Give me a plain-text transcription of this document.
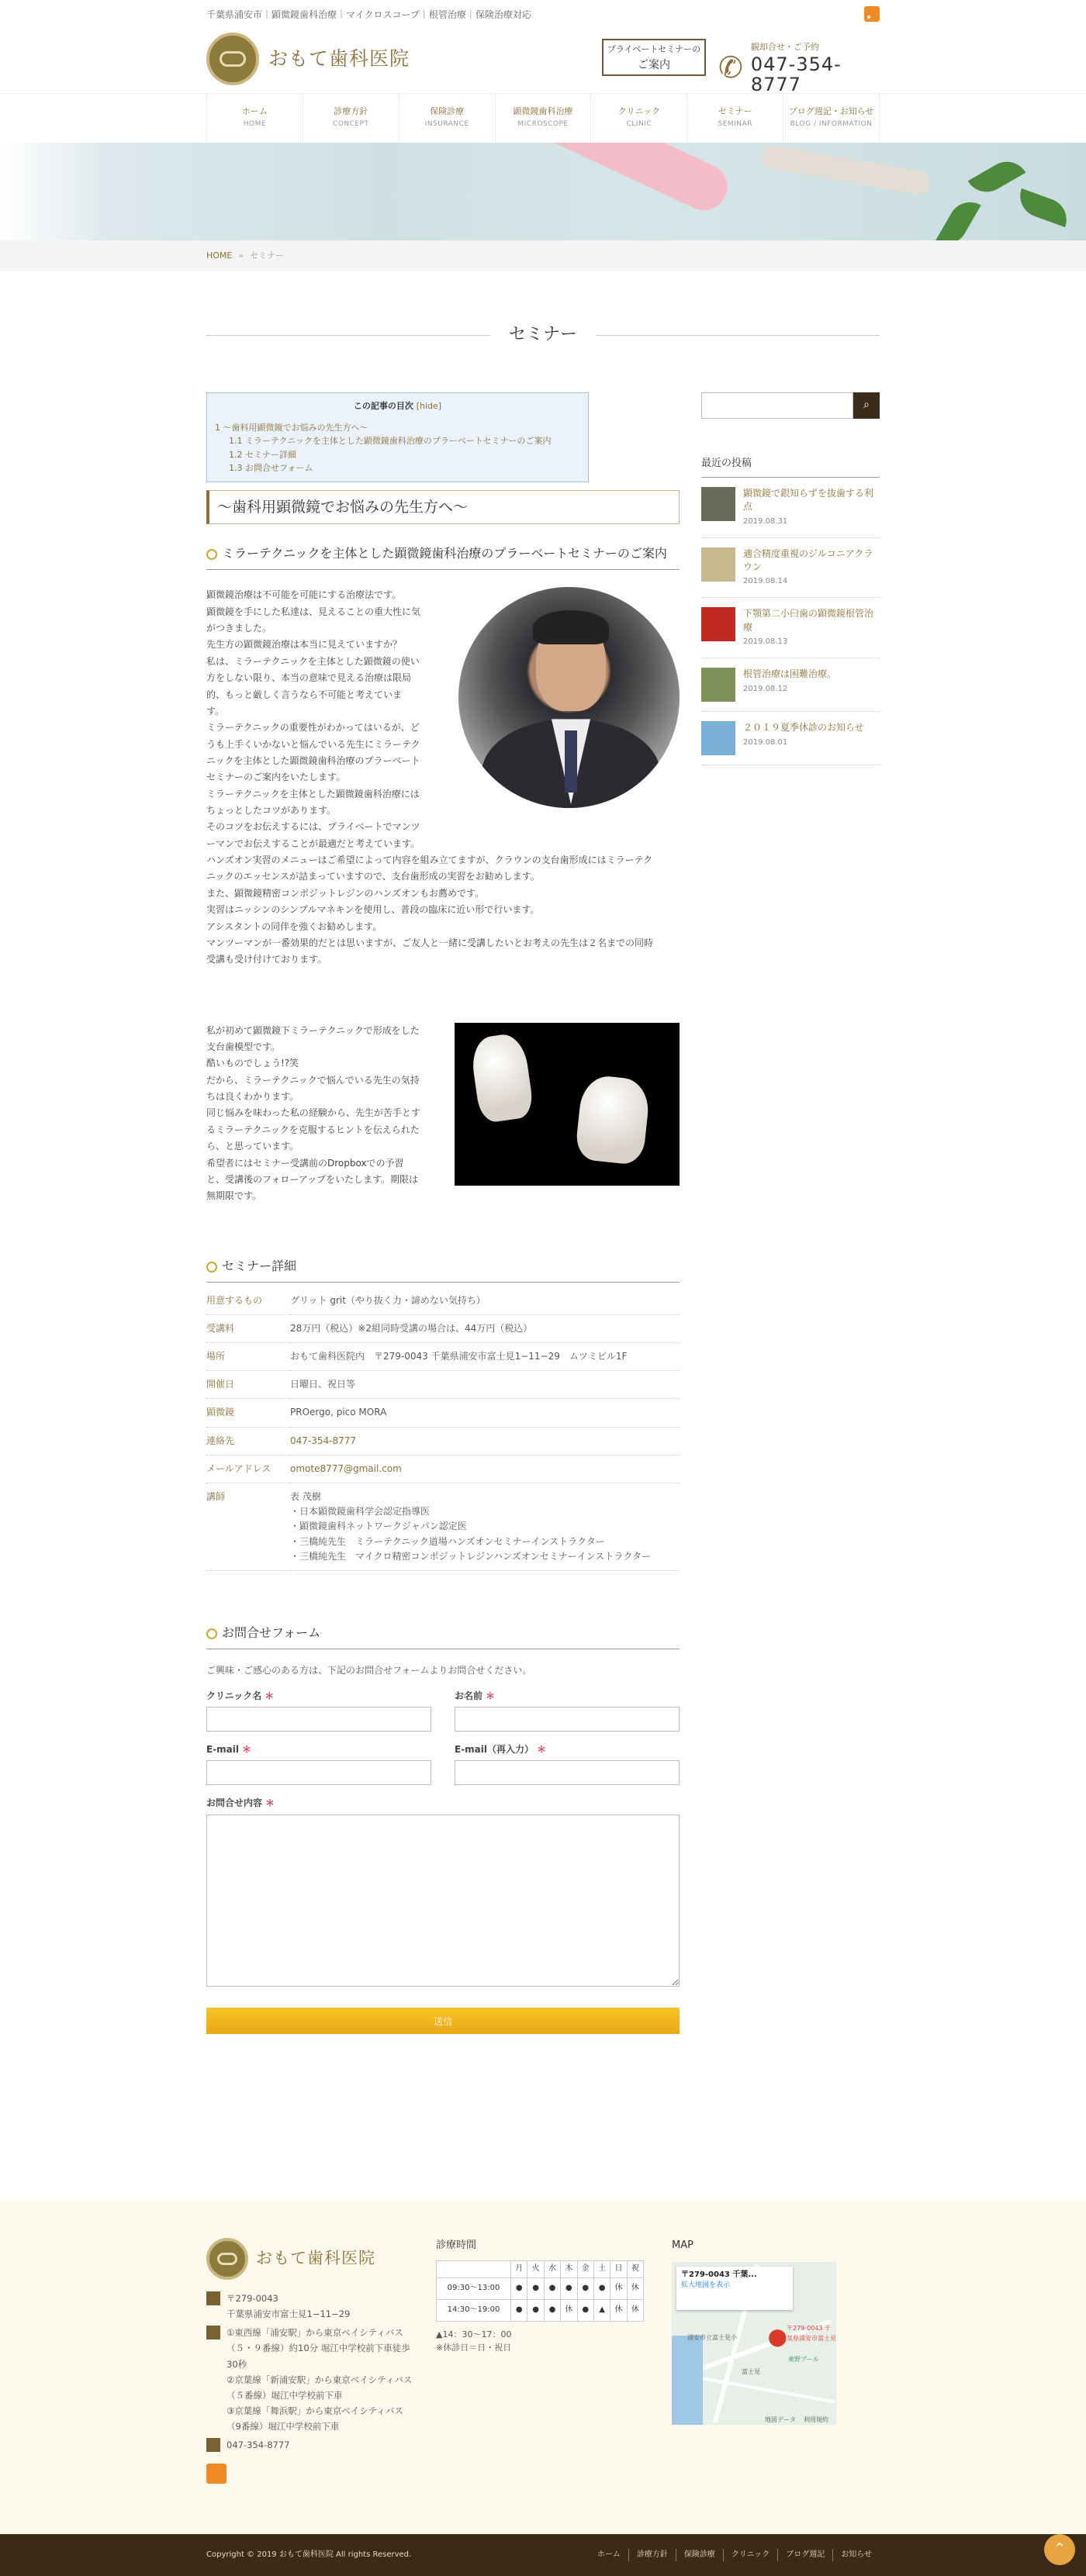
千葉県浦安市｜顕微鏡歯科治療｜マイクロスコープ｜根管治療｜保険治療対応
おもて歯科医院	プライベートセミナーの
ご案内	✆
観却合せ・ご予約
047-354-8777
ホーム
HOME
診療方針
CONCEPT
保険診療
INSURANCE
顕微鏡歯科治療
MICROSCOPE
クリニック
CLINIC
セミナー
SEMINAR
ブログ週記・お知らせ
BLOG / INFORMATION
HOME » セミナー
セミナー
この記事の目次 [hide]
1 〜歯科用顕微鏡でお悩みの先生方へ〜
1.1 ミラーテクニックを主体とした顕微鏡歯科治療のプラーベートセミナーのご案内
1.2 セミナー詳細
1.3 お問合せフォーム
〜歯科用顕微鏡でお悩みの先生方へ〜
ミラーテクニックを主体とした顕微鏡歯科治療のプラーベートセミナーのご案内

顕微鏡治療は不可能を可能にする治療法です。

顕微鏡を手にした私達は、見えることの重大性に気

がつきました。

先生方の顕微鏡治療は本当に見えていますか？

私は、ミラーテクニックを主体とした顕微鏡の使い

方をしない限り、本当の意味で見える治療は限局

的、もっと厳しく言うなら不可能と考えていま

す。

ミラーテクニックの重要性がわかってはいるが、ど

うも上手くいかないと悩んでいる先生にミラーテク

ニックを主体とした顕微鏡歯科治療のプラーベート

セミナーのご案内をいたします。

ミラーテクニックを主体とした顕微鏡歯科治療には

ちょっとしたコツがあります。

そのコツをお伝えするには、プライベートでマンツ

ーマンでお伝えすることが最適だと考えています。

ハンズオン実習のメニューはご希望によって内容を組み立てますが、クラウンの支台歯形成にはミラーテク

ニックのエッセンスが詰まっていますので、支台歯形成の実習をお勧めします。

また、顕微鏡精密コンポジットレジンのハンズオンもお薦めです。

実習はニッシンのシンプルマネキンを使用し、普段の臨床に近い形で行います。

アシスタントの同伴を強くお勧めします。

マンツーマンが一番効果的だとは思いますが、ご友人と一緒に受講したいとお考えの先生は２名までの同時

受講も受け付けております。

私が初めて顕微鏡下ミラーテクニックで形成をした

支台歯模型です。

酷いものでしょう!?笑

だから、ミラーテクニックで悩んでいる先生の気持

ちは良くわかります。

同じ悩みを味わった私の経験から、先生が苦手とす

るミラーテクニックを克服するヒントを伝えられた

ら、と思っています。

希望者にはセミナー受講前のDropboxでの予習

と、受講後のフォローアップをいたします。期限は

無期限です。

セミナー詳細
用意するもの	グリット grit（やり抜く力・諦めない気持ち）
受講料	28万円（税込）※2組同時受講の場合は、44万円（税込）
場所	おもて歯科医院内　〒279-0043 千葉県浦安市富士見1−11−29　ムツミビル1F
開催日	日曜日、祝日等
顕微鏡	PROergo, pico MORA
連絡先	047-354-8777
メールアドレス	omote8777@gmail.com
講師	表 茂樹
・日本顕微鏡歯科学会認定指導医
・顕微鏡歯科ネットワークジャパン認定医
・三橋純先生　ミラーテクニック道場ハンズオンセミナーインストラクター
・三橋純先生　マイクロ精密コンポジットレジンハンズオンセミナーインストラクター
お問合せフォーム
ご興味・ご感心のある方は、下記のお問合せフォームよりお問合せください。
クリニック名 ＊	お名前 ＊
E-mail ＊	E-mail（再入力） ＊
お問合せ内容 ＊
送信
⌕
最近の投稿
顕微鏡で銀知らずを抜歯する利点
2019.08.31
適合精度重視のジルコニアクラウン
2019.08.14
下顎第二小臼歯の顕微鏡根管治療
2019.08.13
根管治療は困難治療。
2019.08.12
２０１９夏季休診のお知らせ
2019.08.01
おもて歯科医院
〒279-0043
千葉県浦安市富士見1−11−29
①東西線「浦安駅」から東京ベイシティバス（５・９番線）約10分 堀江中学校前下車徒歩30秒
②京葉線「新浦安駅」から東京ベイシティバス（５番線）堀江中学校前下車
③京葉線「舞浜駅」から東京ベイシティバス（9番線）堀江中学校前下車
047-354-8777
診療時間
	月	火	水	木	金	土	日	祝
09:30〜13:00	●	●	●	●	●	●	休	休
14:30〜19:00	●	●	●	休	●	▲	休	休
▲14：30〜17：00
※休診日＝日・祝日
MAP
〒279-0043 千葉...
拡大地図を表示
⬤ 〒279-0043 千葉県浦安市富士見
浦安市立富士見小
東野プール
富士見
地図データ 利用規約
Copyright © 2019 おもて歯科医院 All rights Reserved.	ホーム	診療方針	保険診療	クリニック	ブログ週記	お知らせ	⌃
